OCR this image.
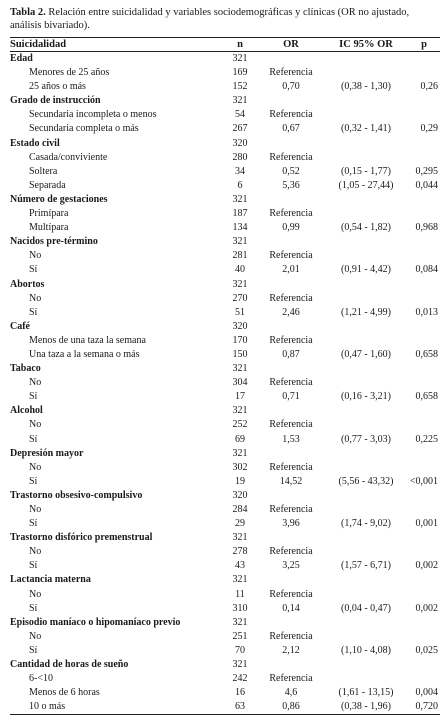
Tabla 2. Relación entre suicidalidad y variables sociodemográficas y clínicas (OR no ajustado, análisis bivariado).
Suicidalidad	n	OR	IC 95% OR	p
Edad	321			
Menores de 25 años	169	Referencia		
25 años o más	152	0,70	(0,38 - 1,30)	0,26
Grado de instrucción	321			
Secundaria incompleta o menos	54	Referencia		
Secundaria completa o más	267	0,67	(0,32 - 1,41)	0,29
Estado civil	320			
Casada/conviviente	280	Referencia		
Soltera	34	0,52	(0,15 - 1,77)	0,295
Separada	6	5,36	(1,05 - 27,44)	0,044
Número de gestaciones	321			
Primípara	187	Referencia		
Multípara	134	0,99	(0,54 - 1,82)	0,968
Nacidos pre-término	321			
No	281	Referencia		
Sí	40	2,01	(0,91 - 4,42)	0,084
Abortos	321			
No	270	Referencia		
Sí	51	2,46	(1,21 - 4,99)	0,013
Café	320			
Menos de una taza la semana	170	Referencia		
Una taza a la semana o más	150	0,87	(0,47 - 1,60)	0,658
Tabaco	321			
No	304	Referencia		
Sí	17	0,71	(0,16 - 3,21)	0,658
Alcohol	321			
No	252	Referencia		
Sí	69	1,53	(0,77 - 3,03)	0,225
Depresión mayor	321			
No	302	Referencia		
Sí	19	14,52	(5,56 - 43,32)	<0,001
Trastorno obsesivo-compulsivo	320			
No	284	Referencia		
Sí	29	3,96	(1,74 - 9,02)	0,001
Trastorno disfórico premenstrual	321			
No	278	Referencia		
Sí	43	3,25	(1,57 - 6,71)	0,002
Lactancia materna	321			
No	11	Referencia		
Sí	310	0,14	(0,04 - 0,47)	0,002
Episodio maníaco o hipomaníaco previo	321			
No	251	Referencia		
Sí	70	2,12	(1,10 - 4,08)	0,025
Cantidad de horas de sueño	321			
6-<10	242	Referencia		
Menos de 6 horas	16	4,6	(1,61 - 13,15)	0,004
10 o más	63	0,86	(0,38 - 1,96)	0,720
